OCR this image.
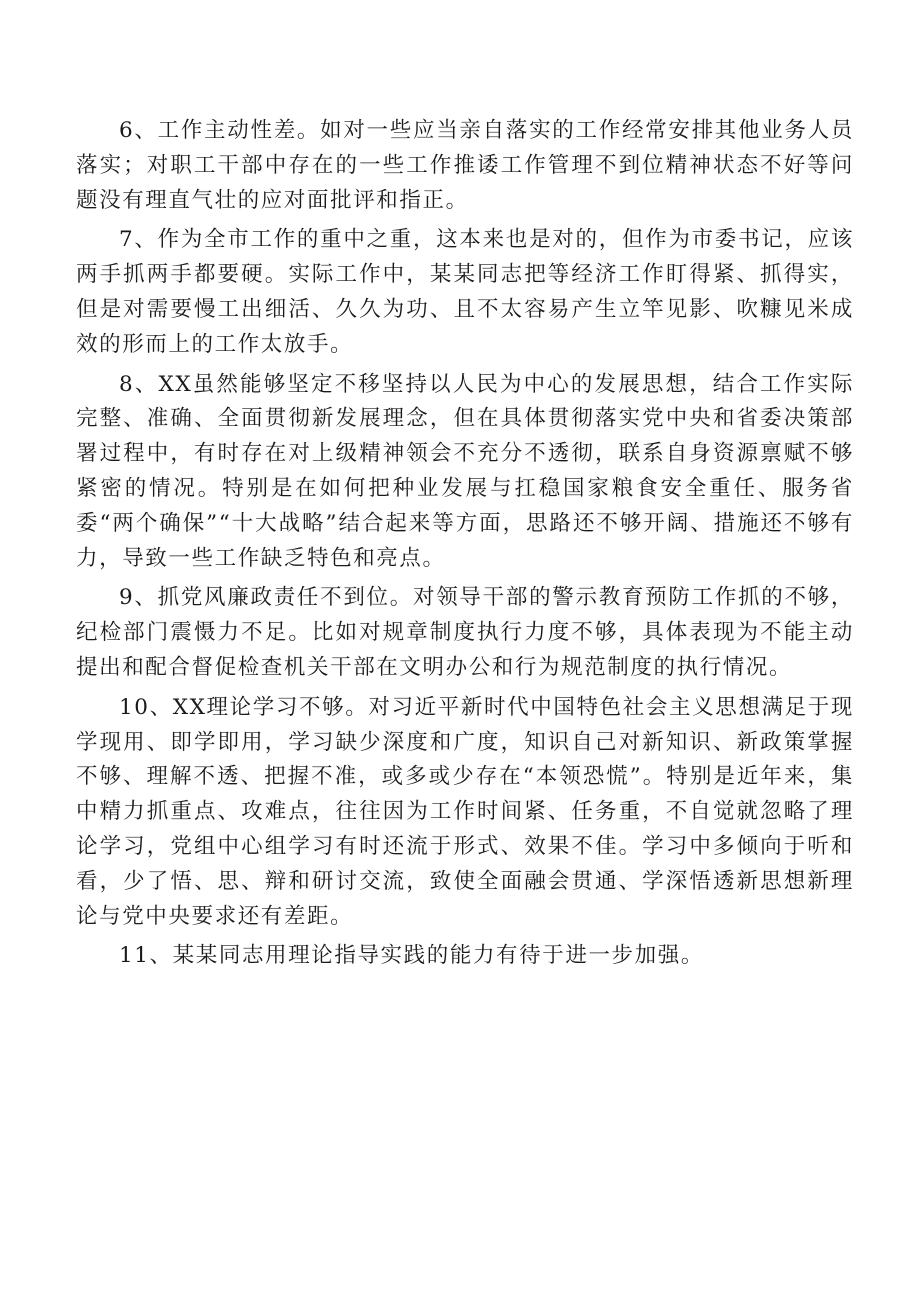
6、工作主动性差。如对一些应当亲自落实的工作经常安排其他业务人员落实；对职工干部中存在的一些工作推诿工作管理不到位精神状态不好等问题没有理直气壮的应对面批评和指正。

7、作为全市工作的重中之重，这本来也是对的，但作为市委书记，应该两手抓两手都要硬。实际工作中，某某同志把等经济工作盯得紧、抓得实，但是对需要慢工出细活、久久为功、且不太容易产生立竿见影、吹糠见米成效的形而上的工作太放手。

8、XX虽然能够坚定不移坚持以人民为中心的发展思想，结合工作实际完整、准确、全面贯彻新发展理念，但在具体贯彻落实党中央和省委决策部署过程中，有时存在对上级精神领会不充分不透彻，联系自身资源禀赋不够紧密的情况。特别是在如何把种业发展与扛稳国家粮食安全重任、服务省委“两个确保”“十大战略”结合起来等方面，思路还不够开阔、措施还不够有力，导致一些工作缺乏特色和亮点。

9、抓党风廉政责任不到位。对领导干部的警示教育预防工作抓的不够，纪检部门震慑力不足。比如对规章制度执行力度不够，具体表现为不能主动提出和配合督促检查机关干部在文明办公和行为规范制度的执行情况。

10、XX理论学习不够。对习近平新时代中国特色社会主义思想满足于现学现用、即学即用，学习缺少深度和广度，知识自己对新知识、新政策掌握不够、理解不透、把握不准，或多或少存在“本领恐慌”。特别是近年来，集中精力抓重点、攻难点，往往因为工作时间紧、任务重，不自觉就忽略了理论学习，党组中心组学习有时还流于形式、效果不佳。学习中多倾向于听和看，少了悟、思、辩和研讨交流，致使全面融会贯通、学深悟透新思想新理论与党中央要求还有差距。

11、某某同志用理论指导实践的能力有待于进一步加强。
